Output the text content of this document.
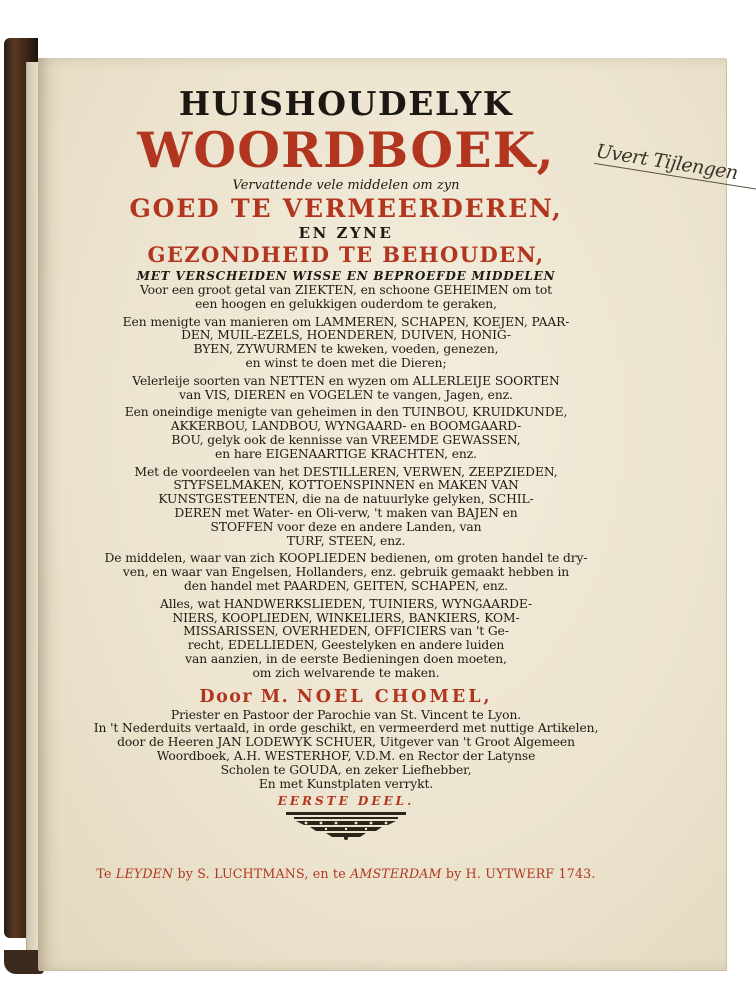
Uvert Tijlengen
HUISHOUDELYK
WOORDBOEK,
Vervattende vele middelen om zyn
GOED TE VERMEERDEREN,
EN ZYNE
GEZONDHEID TE BEHOUDEN,
MET VERSCHEIDEN WISSE EN BEPROEFDE MIDDELEN
Voor een groot getal van ZIEKTEN, en schoone GEHEIMEN om tot
een hoogen en gelukkigen ouderdom te geraken,
Een menigte van manieren om LAMMEREN, SCHAPEN, KOEJEN, PAAR-
DEN, MUIL-EZELS, HOENDEREN, DUIVEN, HONIG-
BYEN, ZYWURMEN te kweken, voeden, genezen,
en winst te doen met die Dieren;
Velerleije soorten van NETTEN en wyzen om ALLERLEIJE SOORTEN
van VIS, DIEREN en VOGELEN te vangen, Jagen, enz.
Een oneindige menigte van geheimen in den TUINBOU, KRUIDKUNDE,
AKKERBOU, LANDBOU, WYNGAARD- en BOOMGAARD-
BOU, gelyk ook de kennisse van VREEMDE GEWASSEN,
en hare EIGENAARTIGE KRACHTEN, enz.
Met de voordeelen van het DESTILLEREN, VERWEN, ZEEPZIEDEN,
STYFSELMAKEN, KOTTOENSPINNEN en MAKEN VAN
KUNSTGESTEENTEN, die na de natuurlyke gelyken, SCHIL-
DEREN met Water- en Oli-verw, 't maken van BAJEN en
STOFFEN voor deze en andere Landen, van
TURF, STEEN, enz.
De middelen, waar van zich KOOPLIEDEN bedienen, om groten handel te dry-
ven, en waar van Engelsen, Hollanders, enz. gebruik gemaakt hebben in
den handel met PAARDEN, GEITEN, SCHAPEN, enz.
Alles, wat HANDWERKSLIEDEN, TUINIERS, WYNGAARDE-
NIERS, KOOPLIEDEN, WINKELIERS, BANKIERS, KOM-
MISSARISSEN, OVERHEDEN, OFFICIERS van 't Ge-
recht, EDELLIEDEN, Geestelyken en andere luiden
van aanzien, in de eerste Bedieningen doen moeten,
om zich welvarende te maken.
Door M. NOEL CHOMEL,
Priester en Pastoor der Parochie van St. Vincent te Lyon.
In 't Nederduits vertaald, in orde geschikt, en vermeerderd met nuttige Artikelen,
door de Heeren JAN LODEWYK SCHUER, Uitgever van 't Groot Algemeen
Woordboek, A.H. WESTERHOF, V.D.M. en Rector der Latynse
Scholen te GOUDA, en zeker Liefhebber,
En met Kunstplaten verrykt.
EERSTE DEEL.
Te LEYDEN by S. LUCHTMANS, en te AMSTERDAM by H. UYTWERF 1743.
